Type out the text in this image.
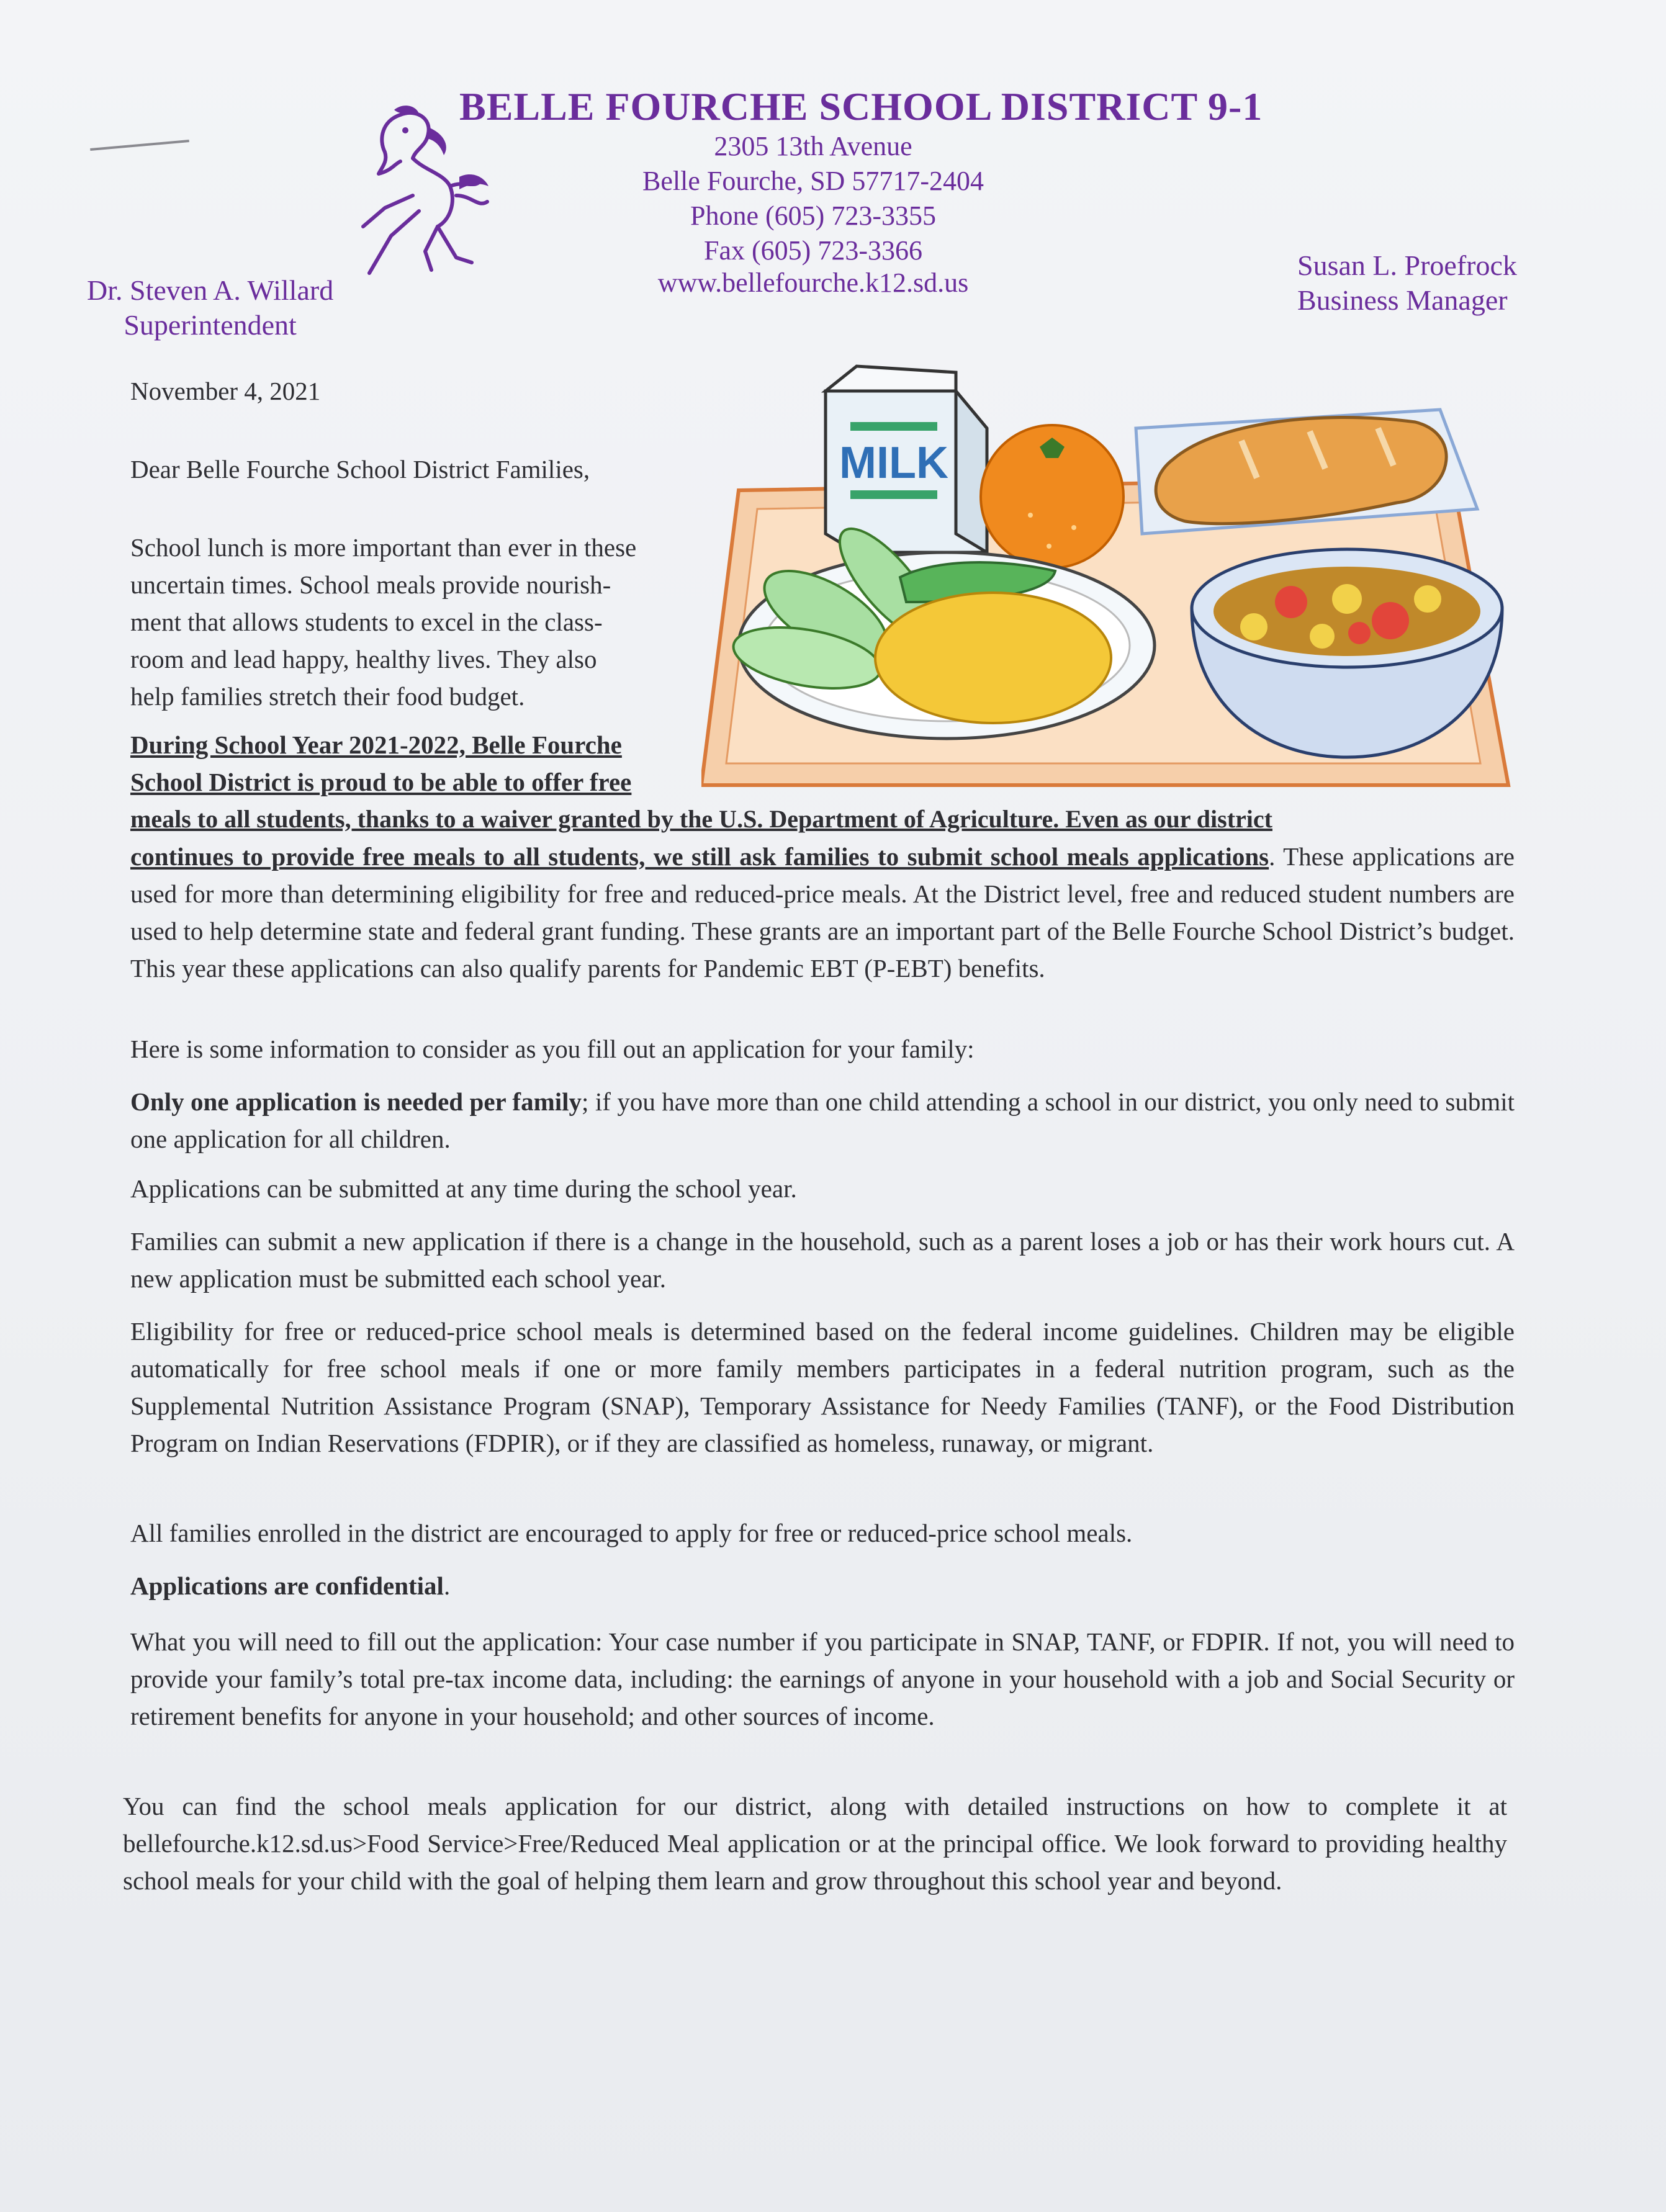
BELLE FOURCHE SCHOOL DISTRICT 9-1
2305 13th Avenue
Belle Fourche, SD 57717-2404
Phone (605) 723-3355
Fax (605) 723-3366
www.bellefourche.k12.sd.us
Dr. Steven A. Willard
Superintendent
Susan L. Proefrock
Business Manager
MILK
November 4, 2021
Dear Belle Fourche School District Families,
School lunch is more important than ever in these
uncertain times. School meals provide nourish-
ment that allows students to excel in the class-
room and lead happy, healthy lives. They also
help families stretch their food budget.
During School Year 2021-2022, Belle Fourche
School District is proud to be able to offer free
meals to all students, thanks to a waiver granted by the U.S. Department of Agriculture. Even as our district
continues to provide free meals to all students, we still ask families to submit school meals applications. These applications are used for more than determining eligibility for free and reduced-price meals. At the District level, free and reduced student numbers are used to help determine state and federal grant funding. These grants are an important part of the Belle Fourche School District’s budget. This year these applications can also qualify parents for Pandemic EBT (P-EBT) benefits.
Here is some information to consider as you fill out an application for your family:
Only one application is needed per family; if you have more than one child attending a school in our district, you only need to submit one application for all children.
Applications can be submitted at any time during the school year.
Families can submit a new application if there is a change in the household, such as a parent loses a job or has their work hours cut. A new application must be submitted each school year.
Eligibility for free or reduced-price school meals is determined based on the federal income guidelines. Children may be eligible automatically for free school meals if one or more family members participates in a federal nutrition program, such as the Supplemental Nutrition Assistance Program (SNAP), Temporary Assistance for Needy Families (TANF), or the Food Distribution Program on Indian Reservations (FDPIR), or if they are classified as homeless, runaway, or migrant.
All families enrolled in the district are encouraged to apply for free or reduced-price school meals.
Applications are confidential.
What you will need to fill out the application: Your case number if you participate in SNAP, TANF, or FDPIR. If not, you will need to provide your family’s total pre-tax income data, including: the earnings of anyone in your household with a job and Social Security or retirement benefits for anyone in your household; and other sources of income.
You can find the school meals application for our district, along with detailed instructions on how to complete it at bellefourche.k12.sd.us>Food Service>Free/Reduced Meal application or at the principal office. We look forward to providing healthy school meals for your child with the goal of helping them learn and grow throughout this school year and beyond.
